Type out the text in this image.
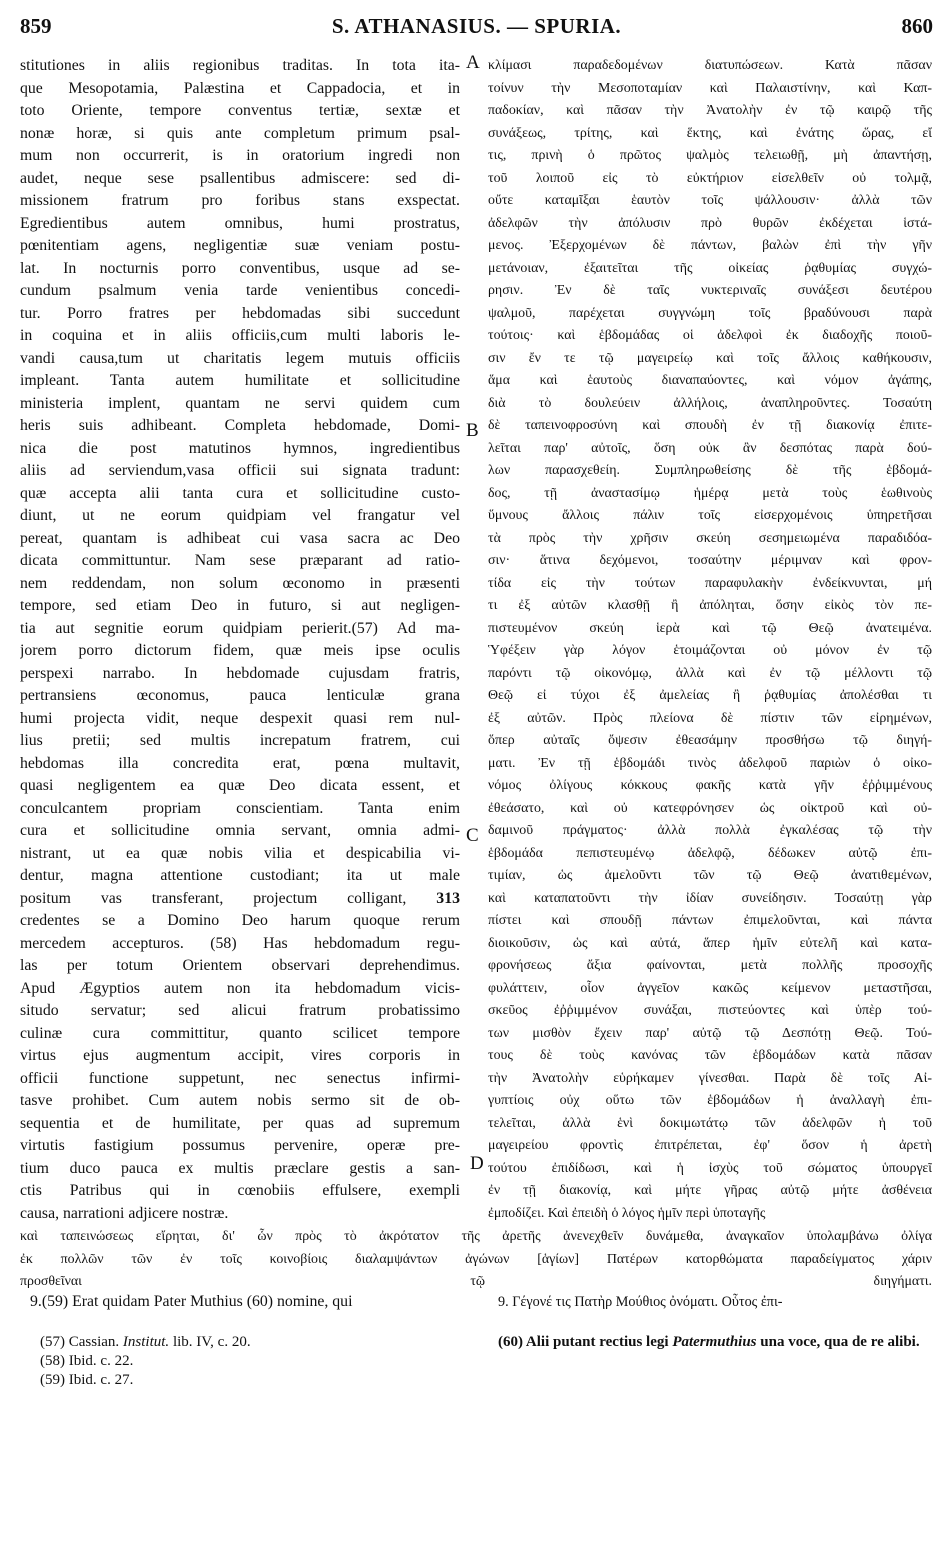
859	S. ATHANASIUS. — SPURIA.	860
stitutiones in aliis regionibus traditas. In tota ita-
que Mesopotamia, Palæstina et Cappadocia, et in
toto Oriente, tempore conventus tertiæ, sextæ et
nonæ horæ, si quis ante completum primum psal-
mum non occurrerit, is in oratorium ingredi non
audet, neque sese psallentibus admiscere: sed di-
missionem fratrum pro foribus stans exspectat.
Egredientibus autem omnibus, humi prostratus,
pœnitentiam agens, negligentiæ suæ veniam postu-
lat. In nocturnis porro conventibus, usque ad se-
cundum psalmum venia tarde venientibus concedi-
tur. Porro fratres per hebdomadas sibi succedunt
in coquina et in aliis officiis,cum multi laboris le-
vandi causa,tum ut charitatis legem mutuis officiis
impleant. Tanta autem humilitate et sollicitudine
ministeria implent, quantam ne servi quidem cum
heris suis adhibeant. Completa hebdomade, Domi-
nica die post matutinos hymnos, ingredientibus
aliis ad serviendum,vasa officii sui signata tradunt:
quæ accepta alii tanta cura et sollicitudine custo-
diunt, ut ne eorum quidpiam vel frangatur vel
pereat, quantam is adhibeat cui vasa sacra ac Deo
dicata committuntur. Nam sese præparant ad ratio-
nem reddendam, non solum œconomo in præsenti
tempore, sed etiam Deo in futuro, si aut negligen-
tia aut segnitie eorum quidpiam perierit.(57) Ad ma-
jorem porro dictorum fidem, quæ meis ipse oculis
perspexi narrabo. In hebdomade cujusdam fratris,
pertransiens œconomus, pauca lenticulæ grana
humi projecta vidit, neque despexit quasi rem nul-
lius pretii; sed multis increpatum fratrem, cui
hebdomas illa concredita erat, pœna multavit,
quasi negligentem ea quæ Deo dicata essent, et
conculcantem propriam conscientiam. Tanta enim
cura et sollicitudine omnia servant, omnia admi-
nistrant, ut ea quæ nobis vilia et despicabilia vi-
dentur, magna attentione custodiant; ita ut male
positum vas transferant, projectum colligant, 313
credentes se a Domino Deo harum quoque rerum
mercedem accepturos. (58) Has hebdomadum regu-
las per totum Orientem observari deprehendimus.
Apud Ægyptios autem non ita hebdomadum vicis-
situdo servatur; sed alicui fratrum probatissimo
culinæ cura committitur, quanto scilicet tempore
virtus ejus augmentum accipit, vires corporis in
officii functione suppetunt, nec senectus infirmi-
tasve prohibet. Cum autem nobis sermo sit de ob-
sequentia et de humilitate, per quas ad supremum
virtutis fastigium possumus pervenire, operæ pre-
tium duco pauca ex multis præclare gestis a san-
ctis Patribus qui in cœnobiis effulsere, exempli
causa, narrationi adjicere nostræ.
κλίμασι παραδεδομένων διατυπώσεων. Κατὰ πᾶσαν
τοίνυν τὴν Μεσοποταμίαν καὶ Παλαιστίνην, καὶ Καπ-
παδοκίαν, καὶ πᾶσαν τὴν Ἀνατολὴν ἐν τῷ καιρῷ τῆς
συνάξεως, τρίτης, καὶ ἕκτης, καὶ ἐνάτης ὥρας, εἴ
τις, πρινὴ ὁ πρῶτος ψαλμὸς τελειωθῇ, μὴ ἀπαντήσῃ,
τοῦ λοιποῦ εἰς τὸ εὐκτήριον εἰσελθεῖν οὐ τολμᾷ,
οὔτε καταμῖξαι ἑαυτὸν τοῖς ψάλλουσιν· ἀλλὰ τῶν
ἀδελφῶν τὴν ἀπόλυσιν πρὸ θυρῶν ἐκδέχεται ἱστά-
μενος. Ἐξερχομένων δὲ πάντων, βαλὼν ἐπὶ τὴν γῆν
μετάνοιαν, ἐξαιτεῖται τῆς οἰκείας ῥᾳθυμίας συγχώ-
ρησιν. Ἐν δὲ ταῖς νυκτεριναῖς συνάξεσι δευτέρου
ψαλμοῦ, παρέχεται συγγνώμη τοῖς βραδύνουσι παρὰ
τούτοις· καὶ ἑβδομάδας οἱ ἀδελφοὶ ἐκ διαδοχῆς ποιοῦ-
σιν ἔν τε τῷ μαγειρείῳ καὶ τοῖς ἄλλοις καθήκουσιν,
ἅμα καὶ ἑαυτοὺς διαναπαύοντες, καὶ νόμον ἀγάπης,
διὰ τὸ δουλεύειν ἀλλήλοις, ἀναπληροῦντες. Τοσαύτη
δὲ ταπεινοφροσύνη καὶ σπουδὴ ἐν τῇ διακονίᾳ ἐπιτε-
λεῖται παρ' αὐτοῖς, ὅση οὐκ ἂν δεσπότας παρὰ δού-
λων παρασχεθείη. Συμπληρωθείσης δὲ τῆς ἑβδομά-
δος, τῇ ἀναστασίμῳ ἡμέρᾳ μετὰ τοὺς ἑωθινοὺς
ὕμνους ἄλλοις πάλιν τοῖς εἰσερχομένοις ὑπηρετῆσαι
τὰ πρὸς τὴν χρῆσιν σκεύη σεσημειωμένα παραδιδόα-
σιν· ἅτινα δεχόμενοι, τοσαύτην μέριμναν καὶ φρον-
τίδα εἰς τὴν τούτων παραφυλακὴν ἐνδείκνυνται, μή
τι ἐξ αὐτῶν κλασθῇ ἢ ἀπόληται, ὅσην εἰκὸς τὸν πε-
πιστευμένον σκεύη ἱερὰ καὶ τῷ Θεῷ ἀνατειμένα.
Ὑφέξειν γὰρ λόγον ἑτοιμάζονται οὐ μόνον ἐν τῷ
παρόντι τῷ οἰκονόμῳ, ἀλλὰ καὶ ἐν τῷ μέλλοντι τῷ
Θεῷ εἰ τύχοι ἐξ ἀμελείας ἢ ῥᾳθυμίας ἀπολέσθαι τι
ἐξ αὐτῶν. Πρὸς πλείονα δὲ πίστιν τῶν εἰρημένων,
ὅπερ αὐταῖς ὄψεσιν ἐθεασάμην προσθήσω τῷ διηγή-
ματι. Ἐν τῇ ἑβδομάδι τινὸς ἀδελφοῦ παριὼν ὁ οἰκο-
νόμος ὀλίγους κόκκους φακῆς κατὰ γῆν ἐῤῥιμμένους
ἐθεάσατο, καὶ οὐ κατεφρόνησεν ὡς οἰκτροῦ καὶ οὐ-
δαμινοῦ πράγματος· ἀλλὰ πολλὰ ἐγκαλέσας τῷ τὴν
ἑβδομάδα πεπιστευμένῳ ἀδελφῷ, δέδωκεν αὐτῷ ἐπι-
τιμίαν, ὡς ἀμελοῦντι τῶν τῷ Θεῷ ἀνατιθεμένων,
καὶ καταπατοῦντι τὴν ἰδίαν συνείδησιν. Τοσαύτῃ γὰρ
πίστει καὶ σπουδῇ πάντων ἐπιμελοῦνται, καὶ πάντα
διοικοῦσιν, ὡς καὶ αὐτά, ἅπερ ἡμῖν εὐτελῆ καὶ κατα-
φρονήσεως ἄξια φαίνονται, μετὰ πολλῆς προσοχῆς
φυλάττειν, οἷον ἀγγεῖον κακῶς κείμενον μεταστῆσαι,
σκεῦος ἐῤῥιμμένον συνάξαι, πιστεύοντες καὶ ὑπὲρ τού-
των μισθὸν ἔχειν παρ' αὐτῷ τῷ Δεσπότῃ Θεῷ. Τού-
τους δὲ τοὺς κανόνας τῶν ἑβδομάδων κατὰ πᾶσαν
τὴν Ἀνατολὴν εὑρήκαμεν γίνεσθαι. Παρὰ δὲ τοῖς Αἰ-
γυπτίοις οὐχ οὕτω τῶν ἑβδομάδων ἡ ἀναλλαγὴ ἐπι-
τελεῖται, ἀλλὰ ἑνὶ δοκιμωτάτῳ τῶν ἀδελφῶν ἡ τοῦ
μαγειρείου φροντὶς ἐπιτρέπεται, ἐφ' ὅσον ἡ ἀρετὴ
τούτου ἐπιδίδωσι, καὶ ἡ ἰσχὺς τοῦ σώματος ὑπουργεῖ
ἐν τῇ διακονίᾳ, καὶ μήτε γῆρας αὐτῷ μήτε ἀσθένεια
ἐμποδίζει. Καὶ ἐπειδὴ ὁ λόγος ἡμῖν περὶ ὑποταγῆς
A
B
C
D
καὶ ταπεινώσεως εἴρηται, δι' ὧν πρὸς τὸ ἀκρότατον τῆς ἀρετῆς ἀνενεχθεῖν δυνάμεθα, ἀναγκαῖον ὑπολαμβάνω ὀλίγα
ἐκ πολλῶν τῶν ἐν τοῖς κοινοβίοις διαλαμψάντων ἀγώνων [ἁγίων] Πατέρων κατορθώματα παραδείγματος χάριν
προσθεῖναι τῷ διηγήματι.
9.(59) Erat quidam Pater Muthius (60) nomine, qui	9. Γέγονέ τις Πατὴρ Μούθιος ὀνόματι. Οὗτος ἐπι-
(57) Cassian. Institut. lib. IV, c. 20.
(58) Ibid. c. 22.
(59) Ibid. c. 27.
(60) Alii putant rectius legi Patermuthius una voce, qua de re alibi.
